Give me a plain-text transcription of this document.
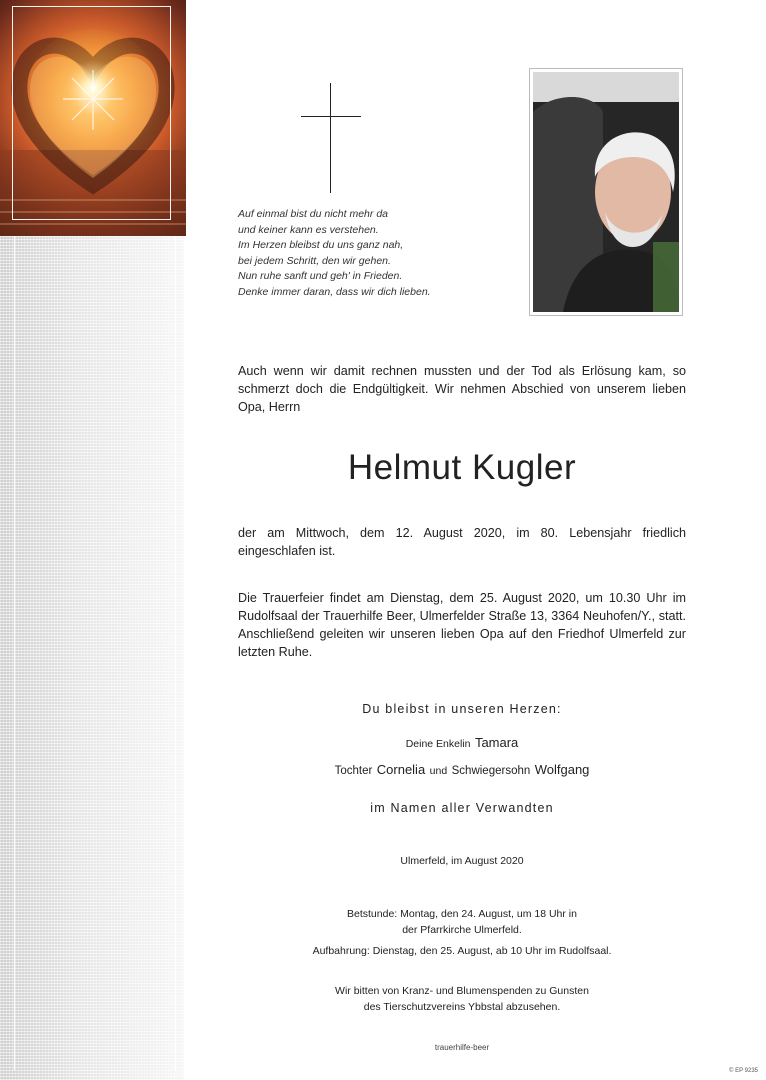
Auf einmal bist du nicht mehr da
und keiner kann es verstehen.
Im Herzen bleibst du uns ganz nah,
bei jedem Schritt, den wir gehen.
Nun ruhe sanft und geh' in Frieden.
Denke immer daran, dass wir dich lieben.
Auch wenn wir damit rechnen mussten und der Tod als Erlösung kam, so schmerzt doch die Endgültigkeit. Wir nehmen Abschied von unserem lieben Opa, Herrn
Helmut Kugler
der am Mittwoch, dem 12. August 2020, im 80. Lebensjahr friedlich eingeschlafen ist.
Die Trauerfeier findet am Dienstag, dem 25. August 2020, um 10.30 Uhr im Rudolfsaal der Trauerhilfe Beer, Ulmerfelder Straße 13, 3364 Neuhofen/Y., statt. Anschließend geleiten wir unseren lieben Opa auf den Friedhof Ulmerfeld zur letzten Ruhe.
Du bleibst in unseren Herzen:
Deine Enkelin Tamara
Tochter Cornelia und Schwiegersohn Wolfgang
im Namen aller Verwandten
Ulmerfeld, im August 2020
Betstunde: Montag, den 24. August, um 18 Uhr in
der Pfarrkirche Ulmerfeld.
Aufbahrung: Dienstag, den 25. August, ab 10 Uhr im Rudolfsaal.
Wir bitten von Kranz- und Blumenspenden zu Gunsten
des Tierschutzvereins Ybbstal abzusehen.
trauerhilfe-beer
© EP 9235
